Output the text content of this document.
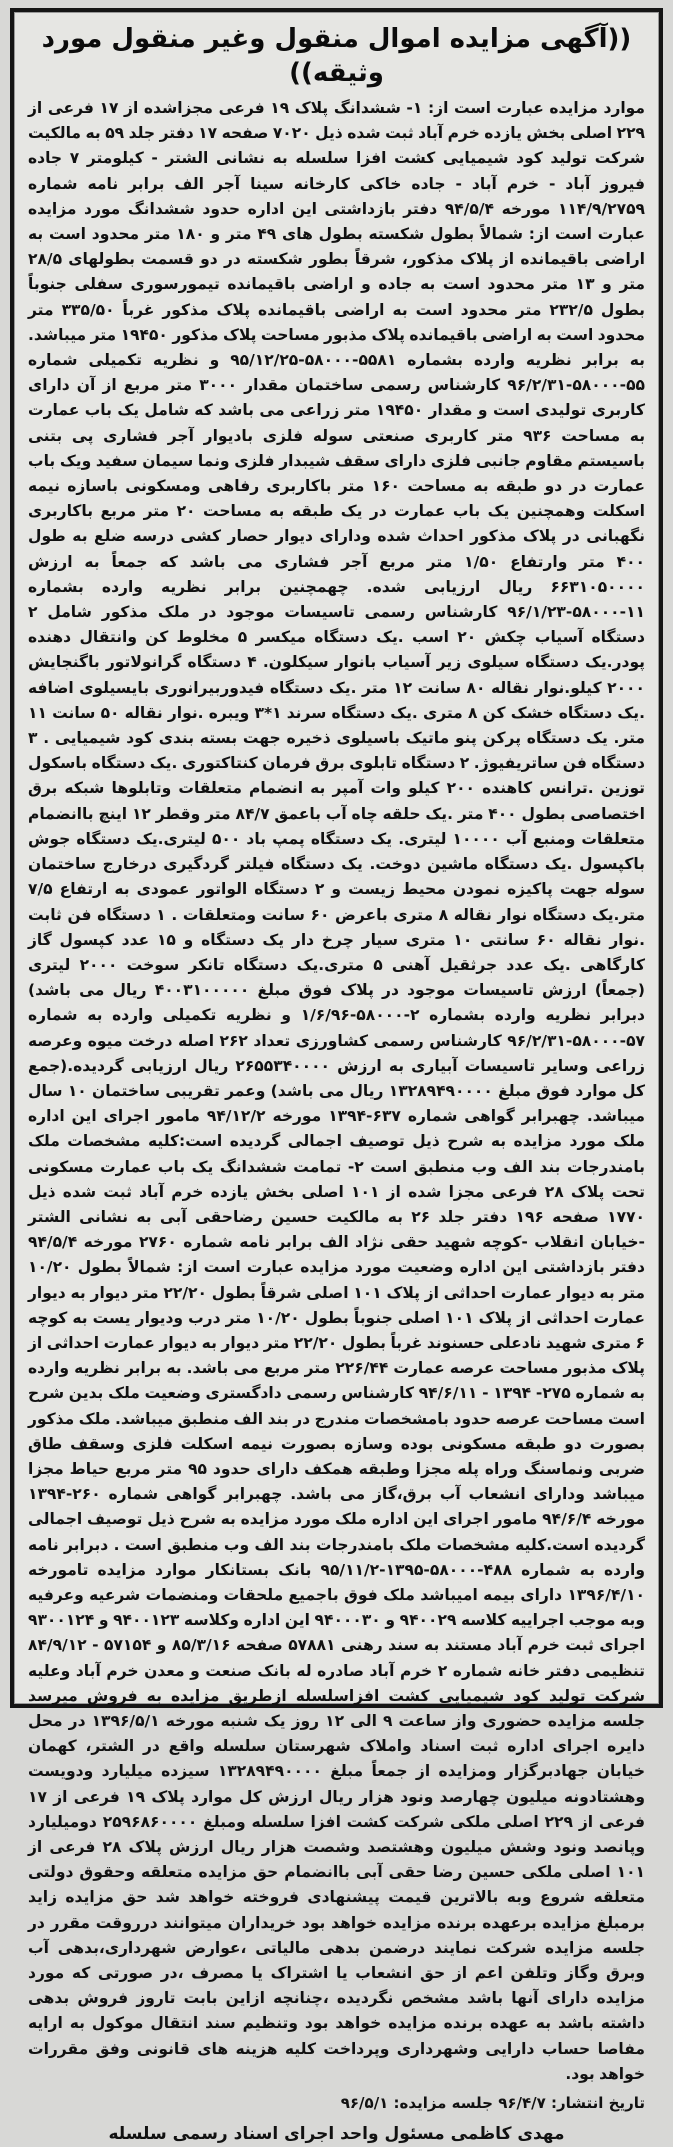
((آگهی مزایده اموال منقول وغیر منقول مورد وثیقه))

موارد مزایده عبارت است از: ۱- ششدانگ پلاک ۱۹ فرعی مجزاشده از ۱۷ فرعی از ۲۲۹ اصلی بخش یازده خرم آباد ثبت شده ذیل ۷۰۲۰ صفحه ۱۷ دفتر جلد ۵۹ به مالکیت شرکت تولید کود شیمیایی کشت افزا سلسله به نشانی الشتر - کیلومتر ۷ جاده فیروز آباد - خرم آباد - جاده خاکی کارخانه سینا آجر الف برابر نامه شماره ۱۱۴/۹/۲۷۵۹ مورخه ۹۴/۵/۴ دفتر بازداشتی این اداره حدود ششدانگ مورد مزایده عبارت است از: شمالاً بطول شکسته بطول های ۴۹ متر و ۱۸۰ متر محدود است به اراضی باقیمانده از پلاک مذکور، شرقاً بطور شکسته در دو قسمت بطولهای ۲۸/۵ متر و ۱۳ متر محدود است به جاده و اراضی باقیمانده تیمورسوری سفلی جنوباً بطول ۲۳۲/۵ متر محدود است به اراضی باقیمانده پلاک مذکور غرباً ۳۳۵/۵۰ متر محدود است به اراضی باقیمانده پلاک مذبور مساحت پلاک مذکور ۱۹۴۵۰ متر میباشد. به برابر نظریه وارده بشماره ۵۵۸۱-۵۸۰۰۰-۹۵/۱۲/۲۵ و نظریه تکمیلی شماره ۵۵-۵۸۰۰۰-۹۶/۲/۳۱ کارشناس رسمی ساختمان مقدار ۳۰۰۰ متر مربع از آن دارای کاربری تولیدی است و مقدار ۱۹۴۵۰ متر زراعی می باشد که شامل یک باب عمارت به مساحت ۹۳۶ متر کاربری صنعتی سوله فلزی بادیوار آجر فشاری پی بتنی باسیستم مقاوم جانبی فلزی دارای سقف شیبدار فلزی ونما سیمان سفید ویک باب عمارت در دو طبقه به مساحت ۱۶۰ متر باکاربری رفاهی ومسکونی باسازه نیمه اسکلت وهمچنین یک باب عمارت در یک طبقه به مساحت ۲۰ متر مربع باکاربری نگهبانی در پلاک مذکور احداث شده ودارای دیوار حصار کشی درسه ضلع به طول ۴۰۰ متر وارتفاع ۱/۵۰ متر مربع آجر فشاری می باشد که جمعاً به ارزش ۶۶۳۱۰۵۰۰۰۰ ریال ارزیابی شده. چهمچنین برابر نظریه وارده بشماره ۱۱-۵۸۰۰۰-۹۶/۱/۲۳ کارشناس رسمی تاسیسات موجود در ملک مذکور شامل ۲ دستگاه آسیاب چکش ۲۰ اسب .یک دستگاه میکسر ۵ مخلوط کن وانتقال دهنده پودر.یک دستگاه سیلوی زیر آسیاب بانوار سیکلون. ۴ دستگاه گرانولاتور باگنجایش ۲۰۰۰ کیلو.نوار نقاله ۸۰ سانت ۱۲ متر .یک دستگاه فیدوربیرانوری بایسیلوی اضافه .یک دستگاه خشک کن ۸ متری .یک دستگاه سرند ۱*۳ ویبره .نوار نقاله ۵۰ سانت ۱۱ متر. یک دستگاه پرکن پنو ماتیک باسیلوی ذخیره جهت بسته بندی کود شیمیایی . ۳ دستگاه فن ساتریفیوژ. ۲ دستگاه تابلوی برق فرمان کنتاکتوری .یک دستگاه باسکول توزین .ترانس کاهنده ۲۰۰ کیلو وات آمپر به انضمام متعلقات وتابلوها شبکه برق اختصاصی بطول ۴۰۰ متر .یک حلقه چاه آب باعمق ۸۴/۷ متر وقطر ۱۲ اینچ باانضمام متعلقات ومنبع آب ۱۰۰۰۰ لیتری. یک دستگاه پمپ باد ۵۰۰ لیتری.یک دستگاه جوش باکپسول .یک دستگاه ماشین دوخت. یک دستگاه فیلتر گردگیری درخارج ساختمان سوله جهت پاکیزه نمودن محیط زیست و ۲ دستگاه الواتور عمودی به ارتفاع ۷/۵ متر.یک دستگاه نوار نقاله ۸ متری باعرض ۶۰ سانت ومتعلقات . ۱ دستگاه فن ثابت .نوار نقاله ۶۰ سانتی ۱۰ متری سیار چرخ دار یک دستگاه و ۱۵ عدد کپسول گاز کارگاهی .یک عدد جرثقیل آهنی ۵ متری.یک دستگاه تانکر سوخت ۲۰۰۰ لیتری (جمعاً) ارزش تاسیسات موجود در پلاک فوق مبلغ ۴۰۰۳۱۰۰۰۰۰ ریال می باشد) دبرابر نظریه وارده بشماره ۲-۵۸۰۰۰-۱/۶/۹۶ و نظریه تکمیلی وارده به شماره ۵۷-۵۸۰۰۰-۹۶/۲/۳۱ کارشناس رسمی کشاورزی تعداد ۲۶۲ اصله درخت میوه وعرصه زراعی وسایر تاسیسات آبیاری به ارزش ۲۶۵۵۳۴۰۰۰۰ ریال ارزیابی گردیده.(جمع کل موارد فوق مبلغ ۱۳۲۸۹۴۹۰۰۰۰ ریال می باشد) وعمر تقریبی ساختمان ۱۰ سال میباشد. چهبرابر گواهی شماره ۶۳۷-۱۳۹۴ مورخه ۹۴/۱۲/۲ مامور اجرای این اداره ملک مورد مزایده به شرح ذیل توصیف اجمالی گردیده است:کلیه مشخصات ملک بامندرجات بند الف وب منطبق است ۲- تمامت ششدانگ یک باب عمارت مسکونی تحت پلاک ۲۸ فرعی مجزا شده از ۱۰۱ اصلی بخش یازده خرم آباد ثبت شده ذیل ۱۷۷۰ صفحه ۱۹۶ دفتر جلد ۲۶ به مالکیت حسین رضاحقی آبی به نشانی الشتر -خیابان انقلاب -کوچه شهید حقی نژاد الف برابر نامه شماره ۲۷۶۰ مورخه ۹۴/۵/۴ دفتر بازداشتی این اداره وضعیت مورد مزایده عبارت است از: شمالاً بطول ۱۰/۲۰ متر به دیوار عمارت احداثی از پلاک ۱۰۱ اصلی شرقاً بطول ۲۲/۲۰ متر دیوار به دیوار عمارت احداثی از پلاک ۱۰۱ اصلی جنوباً بطول ۱۰/۲۰ متر درب ودیوار یست به کوچه ۶ متری شهید نادعلی حسنوند غرباً بطول ۲۲/۲۰ متر دیوار به دیوار عمارت احداثی از پلاک مذبور مساحت عرصه عمارت ۲۲۶/۴۴ متر مربع می باشد. به برابر نظریه وارده به شماره ۲۷۵- ۱۳۹۴ - ۹۴/۶/۱۱ کارشناس رسمی دادگستری وضعیت ملک بدین شرح است مساحت عرصه حدود بامشخصات مندرج در بند الف منطبق میباشد. ملک مذکور بصورت دو طبقه مسکونی بوده وسازه بصورت نیمه اسکلت فلزی وسقف طاق ضربی ونماسنگ وراه پله مجزا وطبقه همکف دارای حدود ۹۵ متر مربع حیاط مجزا میباشد ودارای انشعاب آب برق،گاز می باشد. چهبرابر گواهی شماره ۲۶۰-۱۳۹۴ مورخه ۹۴/۶/۴ مامور اجرای این اداره ملک مورد مزایده به شرح ذیل توصیف اجمالی گردیده است.کلیه مشخصات ملک بامندرجات بند الف وب منطبق است . دبرابر نامه وارده به شماره ۴۸۸-۵۸۰۰۰-۱۳۹۵-۹۵/۱۱/۲ بانک بستانکار موارد مزایده تامورخه ۱۳۹۶/۴/۱۰ دارای بیمه امیباشد ملک فوق باجمیع ملحقات ومنضمات شرعیه وعرفیه وبه موجب اجراییه کلاسه ۹۴۰۰۲۹ و ۹۴۰۰۰۳۰ این اداره وکلاسه ۹۴۰۰۱۲۳ و ۹۳۰۰۱۲۴ اجرای ثبت خرم آباد مستند به سند رهنی ۵۷۸۸۱ صفحه ۸۵/۳/۱۶ و ۵۷۱۵۴ - ۸۴/۹/۱۲ تنظیمی دفتر خانه شماره ۲ خرم آباد صادره له بانک صنعت و معدن خرم آباد وعلیه شرکت تولید کود شیمیایی کشت افزاسلسله ازطریق مزایده به فروش میرسد جلسه مزایده حضوری واز ساعت ۹ الی ۱۲ روز یک شنبه مورخه ۱۳۹۶/۵/۱ در محل دایره اجرای اداره ثبت اسناد واملاک شهرستان سلسله واقع در الشتر، کهمان خیابان جهادبرگزار ومزایده از جمعاً مبلغ ۱۳۲۸۹۴۹۰۰۰۰ سیزده میلیارد ودویست وهشتادونه میلیون چهارصد ونود هزار ریال ارزش کل موارد پلاک ۱۹ فرعی از ۱۷ فرعی از ۲۲۹ اصلی ملکی شرکت کشت افزا سلسله ومبلغ ۲۵۹۶۸۶۰۰۰۰ دومیلیارد وپانصد ونود وشش میلیون وهشتصد وشصت هزار ریال ارزش پلاک ۲۸ فرعی از ۱۰۱ اصلی ملکی حسین رضا حقی آبی باانضمام حق مزایده متعلقه وحقوق دولتی متعلقه شروع وبه بالاترین قیمت پیشنهادی فروخته خواهد شد حق مزایده زاید برمبلغ مزایده برعهده برنده مزایده خواهد بود خریداران میتوانند درروقت مقرر در جلسه مزایده شرکت نمایند درضمن بدهی مالیاتی ،عوارض شهرداری،بدهی آب وبرق وگاز وتلفن اعم از حق انشعاب یا اشتراک یا مصرف ،در صورتی که مورد مزایده دارای آنها باشد مشخص نگردیده ،چنانچه ازاین بابت تاروز فروش بدهی داشته باشد به عهده برنده مزایده خواهد بود وتنظیم سند انتقال موکول به ارایه مفاصا حساب دارایی وشهرداری وپرداخت کلیه هزینه های قانونی وفق مقررات خواهد بود.

تاریخ انتشار: ۹۶/۴/۷ جلسه مزایده: ۹۶/۵/۱
مهدی کاظمی مسئول واحد اجرای اسناد رسمی سلسله
